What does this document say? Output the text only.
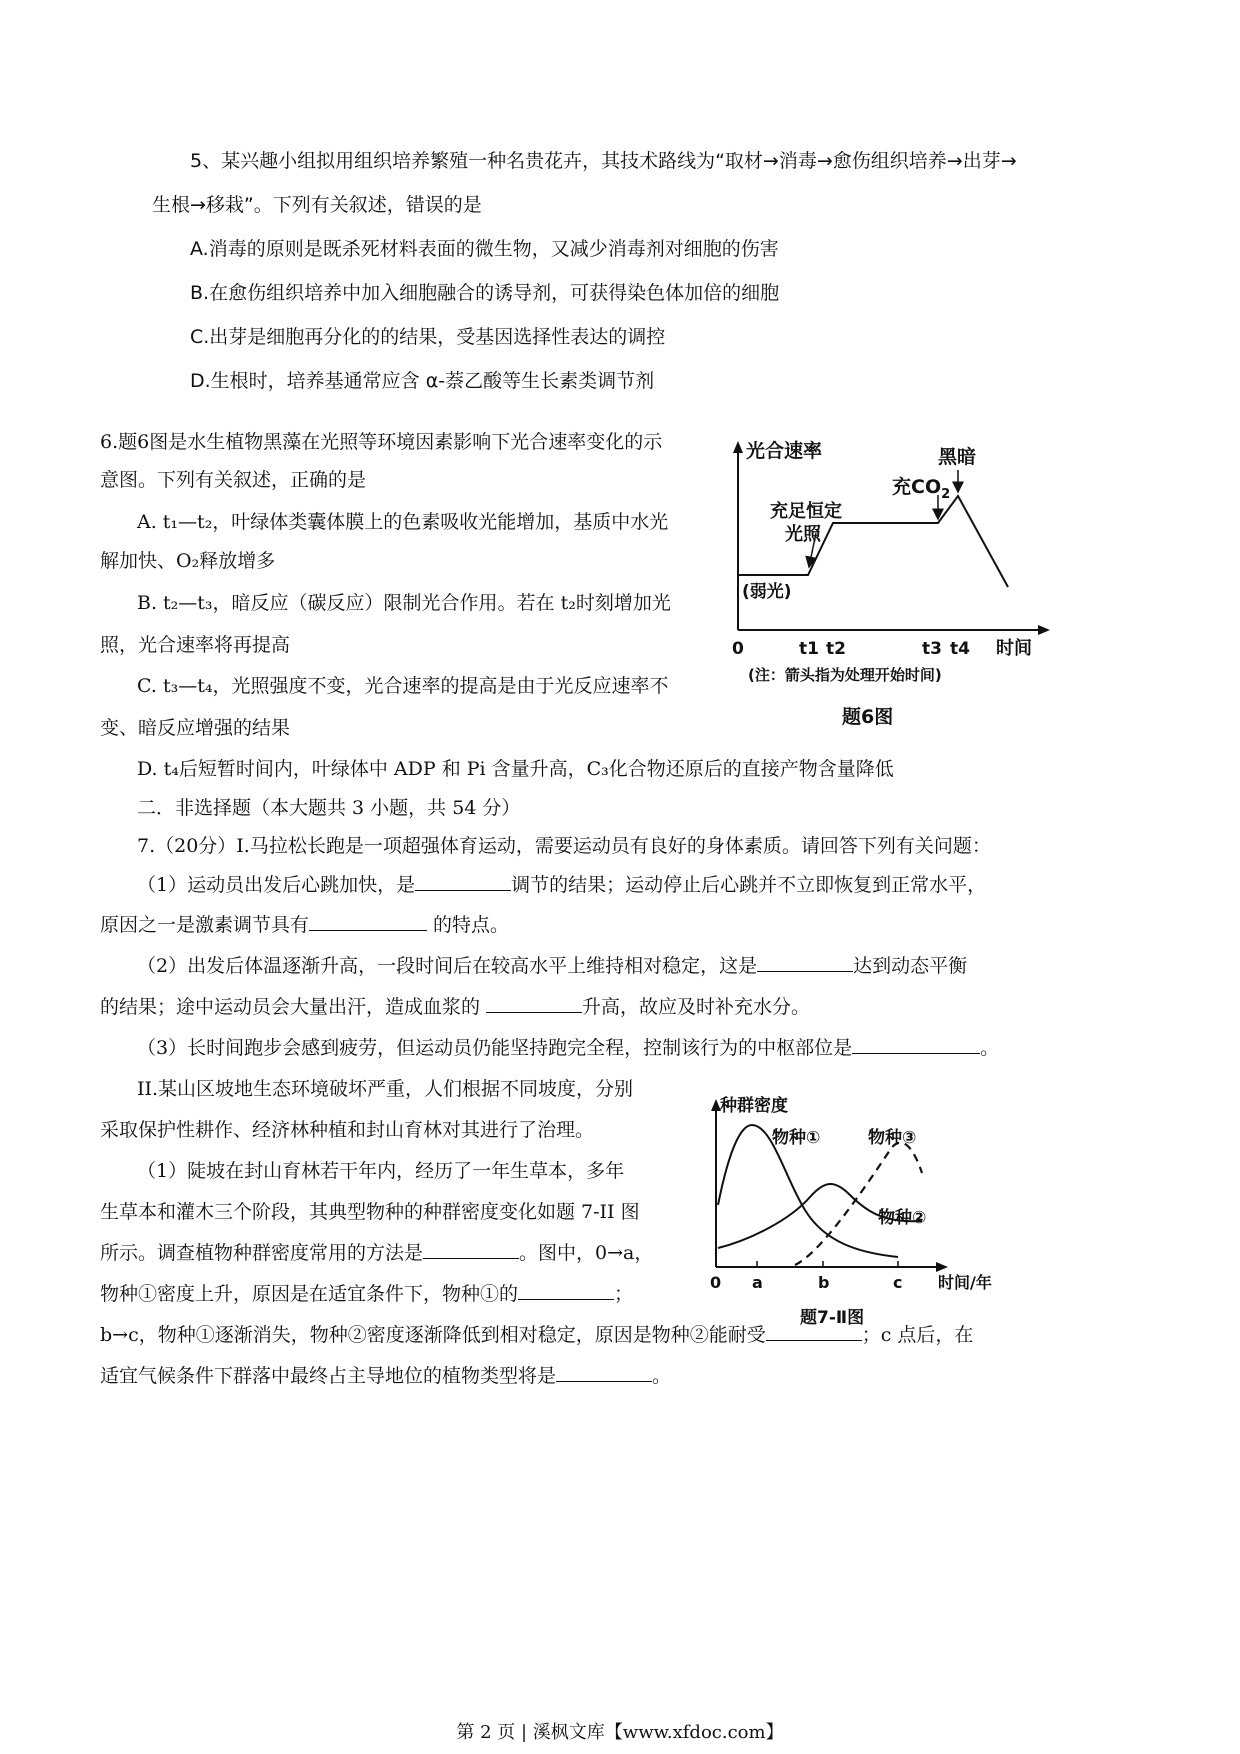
5、某兴趣小组拟用组织培养繁殖一种名贵花卉，其技术路线为“取材→消毒→愈伤组织培养→出芽→
生根→移栽”。下列有关叙述，错误的是
A.消毒的原则是既杀死材料表面的微生物，又减少消毒剂对细胞的伤害
B.在愈伤组织培养中加入细胞融合的诱导剂，可获得染色体加倍的细胞
C.出芽是细胞再分化的的结果，受基因选择性表达的调控
D.生根时，培养基通常应含 α-萘乙酸等生长素类调节剂
6.题6图是水生植物黑藻在光照等环境因素影响下光合速率变化的示
意图。下列有关叙述，正确的是
A. t₁—t₂，叶绿体类囊体膜上的色素吸收光能增加，基质中水光
解加快、O₂释放增多
B. t₂—t₃，暗反应（碳反应）限制光合作用。若在 t₂时刻增加光
照，光合速率将再提高
C. t₃—t₄，光照强度不变，光合速率的提高是由于光反应速率不
变、暗反应增强的结果
D. t₄后短暂时间内，叶绿体中 ADP 和 Pi 含量升高，C₃化合物还原后的直接产物含量降低
光合速率	黑暗
充$CO_2$
充足恒定
光照
(弱光)
0	t1 t2	t3 t4 时间
(注：箭头指为处理开始时间)
题6图
二．非选择题（本大题共 3 小题，共 54 分）
7.（20分）I.马拉松长跑是一项超强体育运动，需要运动员有良好的身体素质。请回答下列有关问题：
（1）运动员出发后心跳加快，是	调节的结果；运动停止后心跳并不立即恢复到正常水平，
原因之一是激素调节具有	的特点。
（2）出发后体温逐渐升高，一段时间后在较高水平上维持相对稳定，这是	达到动态平衡
的结果；途中运动员会大量出汗，造成血浆的	升高，故应及时补充水分。
（3）长时间跑步会感到疲劳，但运动员仍能坚持跑完全程，控制该行为的中枢部位是	。
II.某山区坡地生态环境破坏严重，人们根据不同坡度，分别
采取保护性耕作、经济林种植和封山育林对其进行了治理。
（1）陡坡在封山育林若干年内，经历了一年生草本，多年
生草本和灌木三个阶段，其典型物种的种群密度变化如题 7-II 图
所示。调查植物种群密度常用的方法是	。图中，0→a，
物种①密度上升，原因是在适宜条件下，物种①的	；
b→c，物种①逐渐消失，物种②密度逐渐降低到相对稳定，原因是物种②能耐受	；c 点后，在
适宜气候条件下群落中最终占主导地位的植物类型将是	。
种群密度
物种①	物种③
物种②
0 a	b	c 时间/年
题7-Ⅱ图
第 2 页 | 溪枫文库【www.xfdoc.com】
